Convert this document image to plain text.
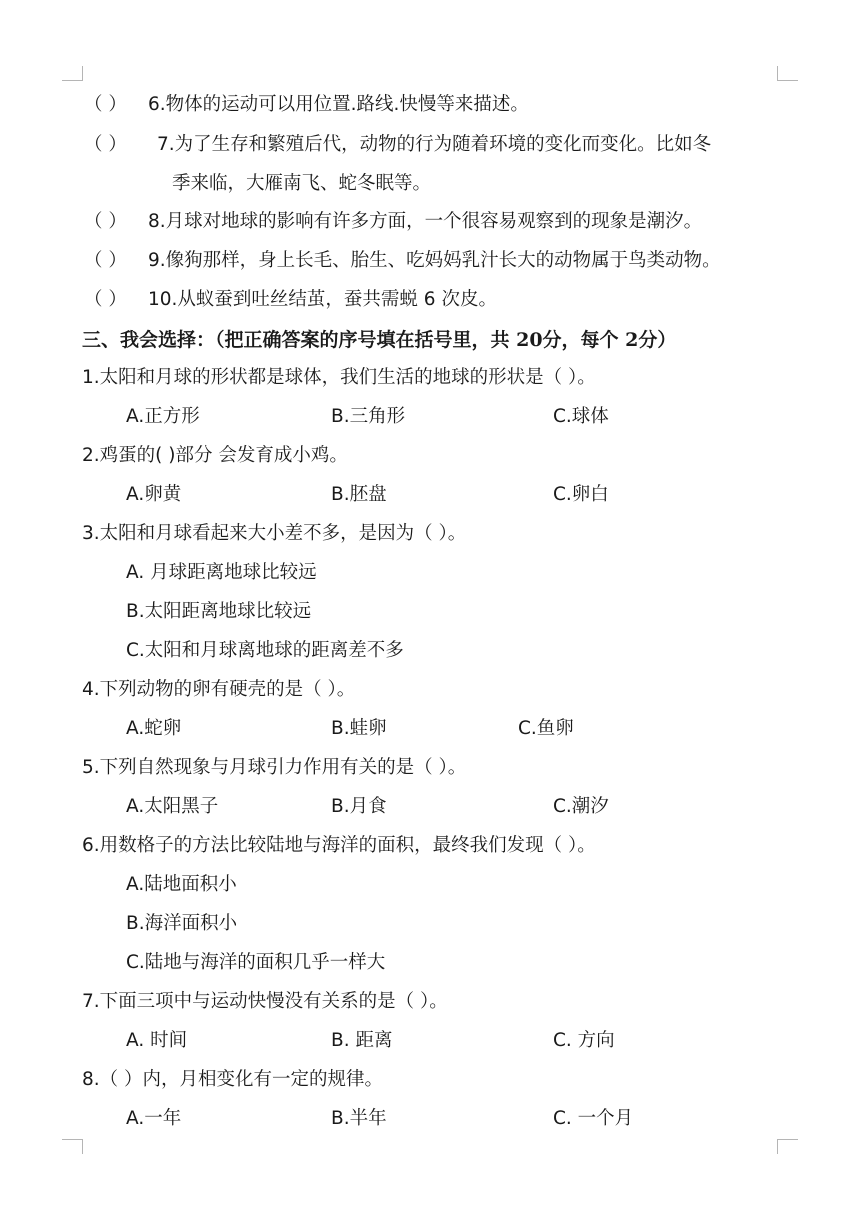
（ ） 6.物体的运动可以用位置.路线.快慢等来描述。
（ ） 7.为了生存和繁殖后代，动物的行为随着环境的变化而变化。比如冬
季来临，大雁南飞、蛇冬眠等。
（ ） 8.月球对地球的影响有许多方面，一个很容易观察到的现象是潮汐。
（ ） 9.像狗那样，身上长毛、胎生、吃妈妈乳汁长大的动物属于鸟类动物。
（ ） 10.从蚁蚕到吐丝结茧，蚕共需蜕 6 次皮。
三、我会选择：（把正确答案的序号填在括号里，共 20分，每个 2分）
1.太阳和月球的形状都是球体，我们生活的地球的形状是（ ）。
A.正方形	B.三角形	C.球体
2.鸡蛋的( )部分 会发育成小鸡。
A.卵黄	B.胚盘	C.卵白
3.太阳和月球看起来大小差不多，是因为（ ）。
A. 月球距离地球比较远
B.太阳距离地球比较远
C.太阳和月球离地球的距离差不多
4.下列动物的卵有硬壳的是（ ）。
A.蛇卵	B.蛙卵	C.鱼卵
5.下列自然现象与月球引力作用有关的是（ ）。
A.太阳黑子	B.月食	C.潮汐
6.用数格子的方法比较陆地与海洋的面积，最终我们发现（ ）。
A.陆地面积小
B.海洋面积小
C.陆地与海洋的面积几乎一样大
7.下面三项中与运动快慢没有关系的是（ ）。
A. 时间	B. 距离	C. 方向
8.（ ）内，月相变化有一定的规律。
A.一年	B.半年	C. 一个月
